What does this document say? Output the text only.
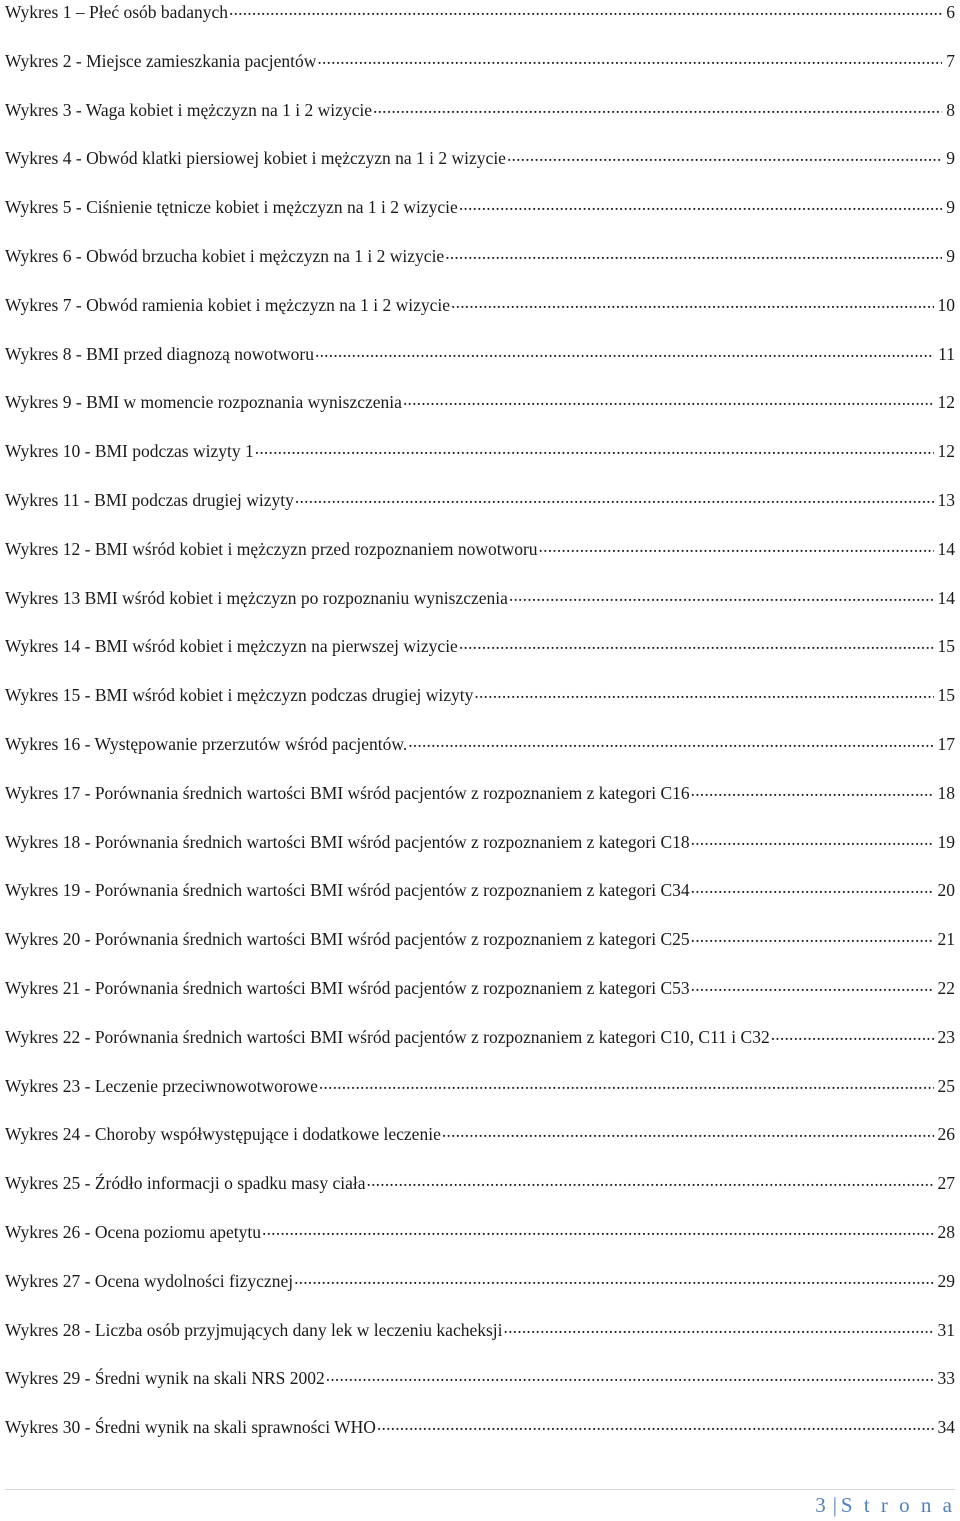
Wykres 1 – Płeć osób badanych .....	6
Wykres 2 - Miejsce zamieszkania pacjentów .....	7
Wykres 3 - Waga kobiet i mężczyzn na 1 i 2 wizycie .....	8
Wykres 4 - Obwód klatki piersiowej kobiet i mężczyzn na 1 i 2 wizycie .....	9
Wykres 5 - Ciśnienie tętnicze kobiet i mężczyzn na 1 i 2 wizycie .....	9
Wykres 6 - Obwód brzucha kobiet i mężczyzn na 1 i 2 wizycie .....	9
Wykres 7 - Obwód ramienia kobiet i mężczyzn na 1 i 2 wizycie .....	10
Wykres 8 - BMI przed diagnozą nowotworu .....	11
Wykres 9 - BMI w momencie rozpoznania wyniszczenia .....	12
Wykres 10 - BMI podczas wizyty 1 .....	12
Wykres 11 - BMI podczas drugiej wizyty .....	13
Wykres 12 - BMI wśród kobiet i mężczyzn przed rozpoznaniem nowotworu .....	14
Wykres 13 BMI wśród kobiet i mężczyzn po rozpoznaniu wyniszczenia .....	14
Wykres 14 - BMI wśród kobiet i mężczyzn na pierwszej wizycie .....	15
Wykres 15 - BMI wśród kobiet i mężczyzn podczas drugiej wizyty .....	15
Wykres 16 - Występowanie przerzutów wśród pacjentów. .....	17
Wykres 17 - Porównania średnich wartości BMI wśród pacjentów z rozpoznaniem z kategori C16 .....	18
Wykres 18 - Porównania średnich wartości BMI wśród pacjentów z rozpoznaniem z kategori C18 .....	19
Wykres 19 - Porównania średnich wartości BMI wśród pacjentów z rozpoznaniem z kategori C34 .....	20
Wykres 20 - Porównania średnich wartości BMI wśród pacjentów z rozpoznaniem z kategori C25 .....	21
Wykres 21 - Porównania średnich wartości BMI wśród pacjentów z rozpoznaniem z kategori C53 .....	22
Wykres 22 - Porównania średnich wartości BMI wśród pacjentów z rozpoznaniem z kategori C10, C11 i C32 .....	23
Wykres 23 - Leczenie przeciwnowotworowe .....	25
Wykres 24 - Choroby współwystępujące i dodatkowe leczenie .....	26
Wykres 25 - Źródło informacji o spadku masy ciała .....	27
Wykres 26 - Ocena poziomu apetytu .....	28
Wykres 27 - Ocena wydolności fizycznej .....	29
Wykres 28 - Liczba osób przyjmujących dany lek w leczeniu kacheksji .....	31
Wykres 29 - Średni wynik na skali NRS 2002 .....	33
Wykres 30 - Średni wynik na skali sprawności WHO .....	34
3 | S t r o n a
